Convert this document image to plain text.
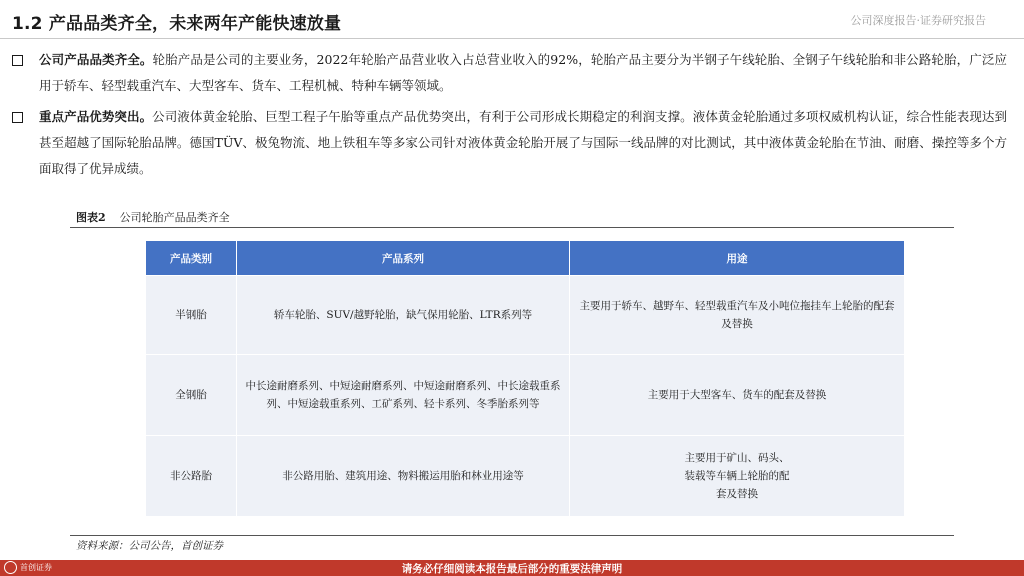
1.2 产品品类齐全，未来两年产能快速放量	公司深度报告·证券研究报告
公司产品品类齐全。轮胎产品是公司的主要业务，2022年轮胎产品营业收入占总营业收入的92%，轮胎产品主要分为半钢子午线轮胎、全钢子午线轮胎和非公路轮胎，广泛应用于轿车、轻型载重汽车、大型客车、货车、工程机械、特种车辆等领域。
重点产品优势突出。公司液体黄金轮胎、巨型工程子午胎等重点产品优势突出，有利于公司形成长期稳定的利润支撑。液体黄金轮胎通过多项权威机构认证，综合性能表现达到甚至超越了国际轮胎品牌。德国TÜV、极兔物流、地上铁租车等多家公司针对液体黄金轮胎开展了与国际一线品牌的对比测试，其中液体黄金轮胎在节油、耐磨、操控等多个方面取得了优异成绩。
图表2 公司轮胎产品品类齐全
产品类别	产品系列	用途
半钢胎	轿车轮胎、SUV/越野轮胎，缺气保用轮胎、LTR系列等	主要用于轿车、越野车、轻型载重汽车及小吨位拖挂车上轮胎的配套及替换
全钢胎	中长途耐磨系列、中短途耐磨系列、中短途耐磨系列、中长途载重系列、中短途载重系列、工矿系列、轻卡系列、冬季胎系列等	主要用于大型客车、货车的配套及替换
非公路胎	非公路用胎、建筑用途、物料搬运用胎和林业用途等	主要用于矿山、码头、装载等车辆上轮胎的配套及替换
资料来源：公司公告，首创证券
首创证券	请务必仔细阅读本报告最后部分的重要法律声明
